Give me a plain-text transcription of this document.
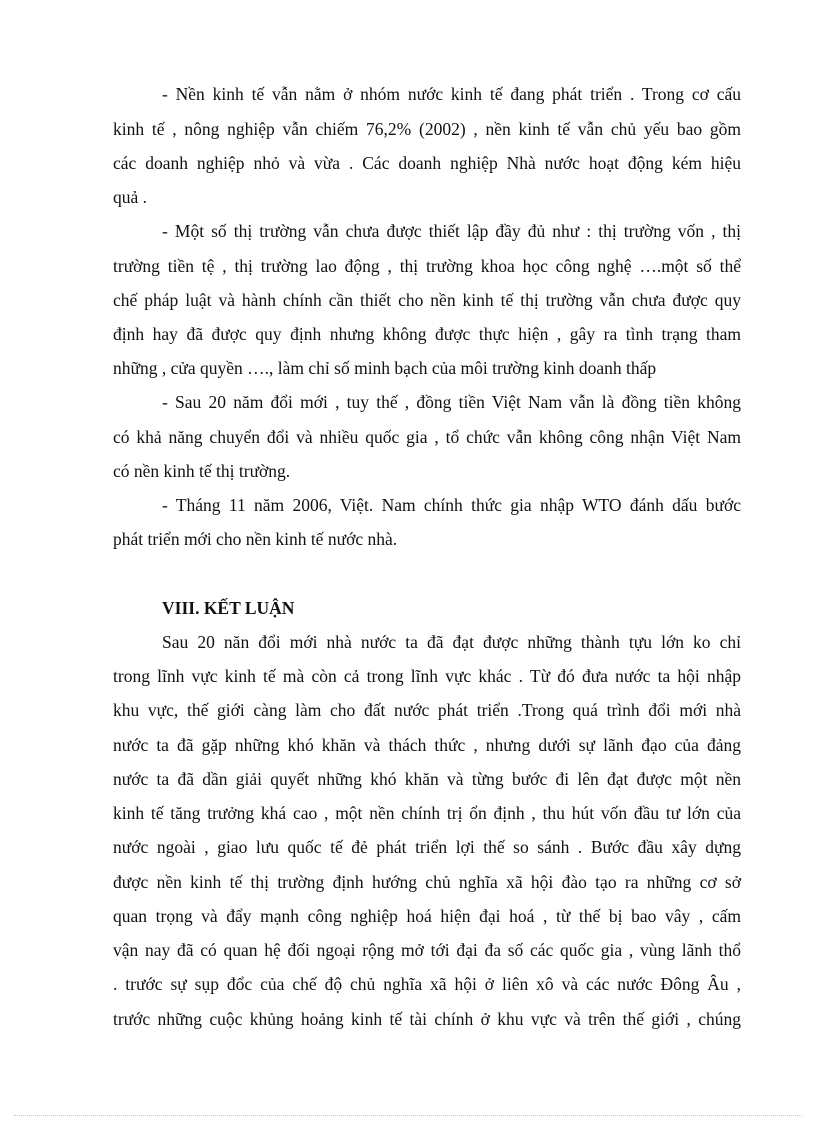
- Nền kinh tế vẫn nằm ở nhóm nước kinh tế đang phát triển . Trong cơ cấu
kinh tế , nông nghiệp vẫn chiếm 76,2% (2002) , nền kinh tế vẫn chủ yếu bao gồm
các doanh nghiệp nhỏ và vừa . Các doanh nghiệp Nhà nước hoạt động kém hiệu
quả .
- Một số thị trường vẫn chưa được thiết lập đầy đủ như : thị trường vốn , thị
trường tiền tệ , thị trường lao động , thị trường khoa học công nghệ ….một số thể
chế pháp luật và hành chính cần thiết cho nền kinh tế thị trường vẫn chưa được quy
định hay đã được quy định nhưng không được thực hiện , gây ra tình trạng tham
những , cửa quyền …., làm chỉ số minh bạch của môi trường kinh doanh thấp
- Sau 20 năm đổi mới , tuy thế , đồng tiền Việt Nam vẫn là đồng tiền không
có khả năng chuyển đổi và nhiều quốc gia , tổ chức vẫn không công nhận Việt Nam
có nền kinh tế thị trường.
- Tháng 11 năm 2006, Việt. Nam chính thức gia nhập WTO đánh dấu bước
phát triển mới cho nền kinh tế nước nhà.
VIII. KẾT LUẬN
Sau 20 năn đổi mới nhà nước ta đã đạt được những thành tựu lớn ko chỉ
trong lĩnh vực kinh tế mà còn cả trong lĩnh vực khác . Từ đó đưa nước ta hội nhập
khu vực, thế giới càng làm cho đất nước phát triển .Trong quá trình đổi mới nhà
nước ta đã gặp những khó khăn và thách thức , nhưng dưới sự lãnh đạo của đảng
nước ta đã dần giải quyết những khó khăn và từng bước đi lên đạt được một nền
kinh tế tăng trưởng khá cao , một nền chính trị ổn định , thu hút vốn đầu tư lớn của
nước ngoài , giao lưu quốc tế đẻ phát triển lợi thế so sánh . Bước đầu xây dựng
được nền kinh tế thị trường định hướng chủ nghĩa xã hội đào tạo ra những cơ sở
quan trọng và đẩy mạnh công nghiệp hoá hiện đại hoá , từ thế bị bao vây , cấm
vận nay đã có quan hệ đối ngoại rộng mở tới đại đa số các quốc gia , vùng lãnh thổ
. trước sự sụp đổc của chế độ chủ nghĩa xã hội ở liên xô và các nước Đông Âu ,
trước những cuộc khủng hoảng kinh tế tài chính ở khu vực và trên thế giới , chúng
